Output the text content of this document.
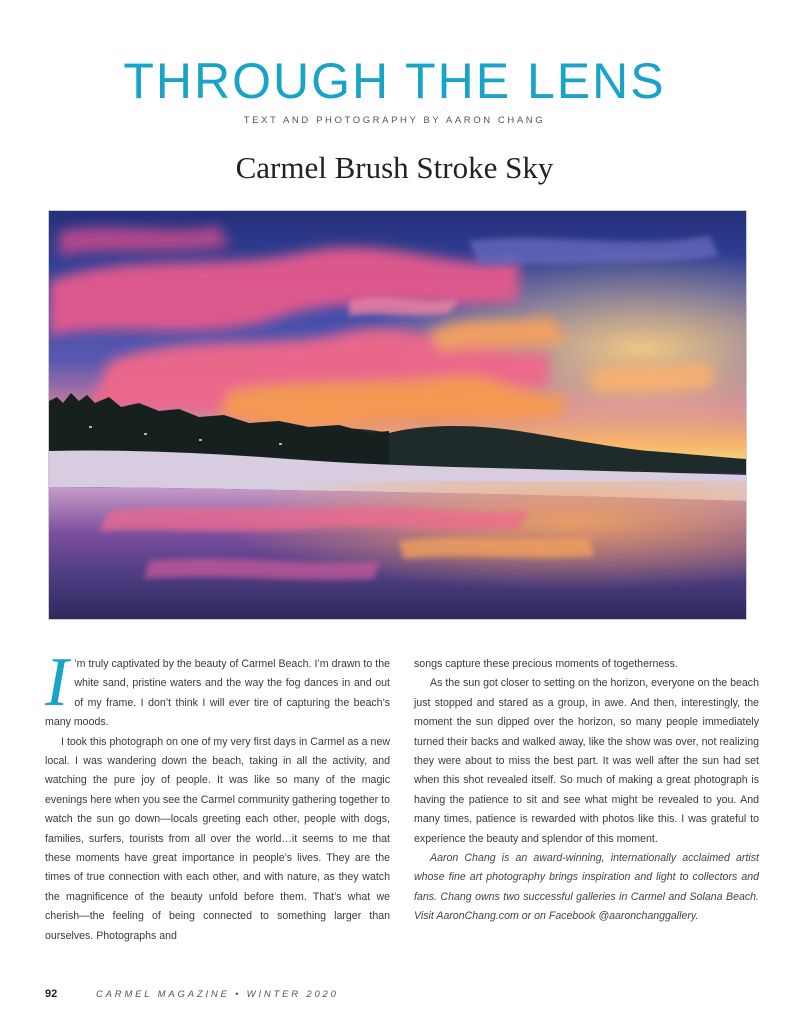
THROUGH THE LENS
TEXT AND PHOTOGRAPHY BY AARON CHANG
Carmel Brush Stroke Sky

I ’m truly captivated by the beauty of Carmel Beach. I’m drawn to the white sand, pristine waters and the way the fog dances in and out of my frame. I don’t think I will ever tire of capturing the beach’s many moods.

I took this photograph on one of my very first days in Carmel as a new local. I was wandering down the beach, taking in all the activity, and watching the pure joy of people. It was like so many of the magic evenings here when you see the Carmel community gathering together to watch the sun go down—locals greeting each other, people with dogs, families, surfers, tourists from all over the world…it seems to me that these moments have great importance in people’s lives. They are the times of true connection with each other, and with nature, as they watch the magnificence of the beauty unfold before them. That’s what we cherish—the feeling of being connected to something larger than ourselves. Photographs and

songs capture these precious moments of togetherness.

As the sun got closer to setting on the horizon, everyone on the beach just stopped and stared as a group, in awe. And then, interestingly, the moment the sun dipped over the horizon, so many people immediately turned their backs and walked away, like the show was over, not realizing they were about to miss the best part. It was well after the sun had set when this shot revealed itself. So much of making a great photograph is having the patience to sit and see what might be revealed to you. And many times, patience is rewarded with photos like this. I was grateful to experience the beauty and splendor of this moment.

Aaron Chang is an award-winning, internationally acclaimed artist whose fine art photography brings inspiration and light to collectors and fans. Chang owns two successful galleries in Carmel and Solana Beach. Visit AaronChang.com or on Facebook @aaronchanggallery.

92	CARMEL MAGAZINE • WINTER 2020
